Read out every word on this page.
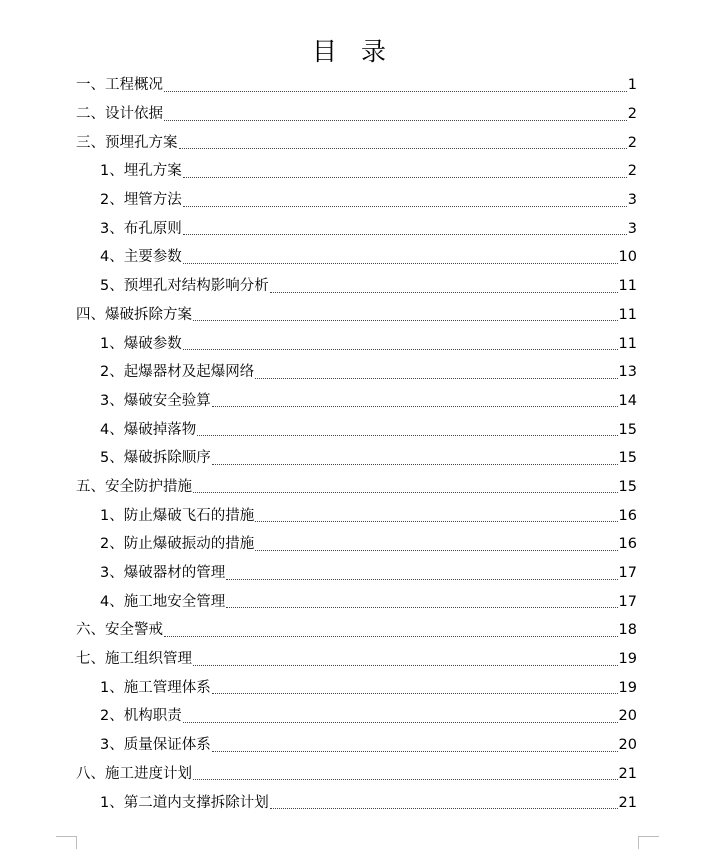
目 录
一、工程概况	1
二、设计依据	2
三、预埋孔方案	2
1、埋孔方案	2
2、埋管方法	3
3、布孔原则	3
4、主要参数	10
5、预埋孔对结构影响分析	11
四、爆破拆除方案	11
1、爆破参数	11
2、起爆器材及起爆网络	13
3、爆破安全验算	14
4、爆破掉落物	15
5、爆破拆除顺序	15
五、安全防护措施	15
1、防止爆破飞石的措施	16
2、防止爆破振动的措施	16
3、爆破器材的管理	17
4、施工地安全管理	17
六、安全警戒	18
七、施工组织管理	19
1、施工管理体系	19
2、机构职责	20
3、质量保证体系	20
八、施工进度计划	21
1、第二道内支撑拆除计划	21
